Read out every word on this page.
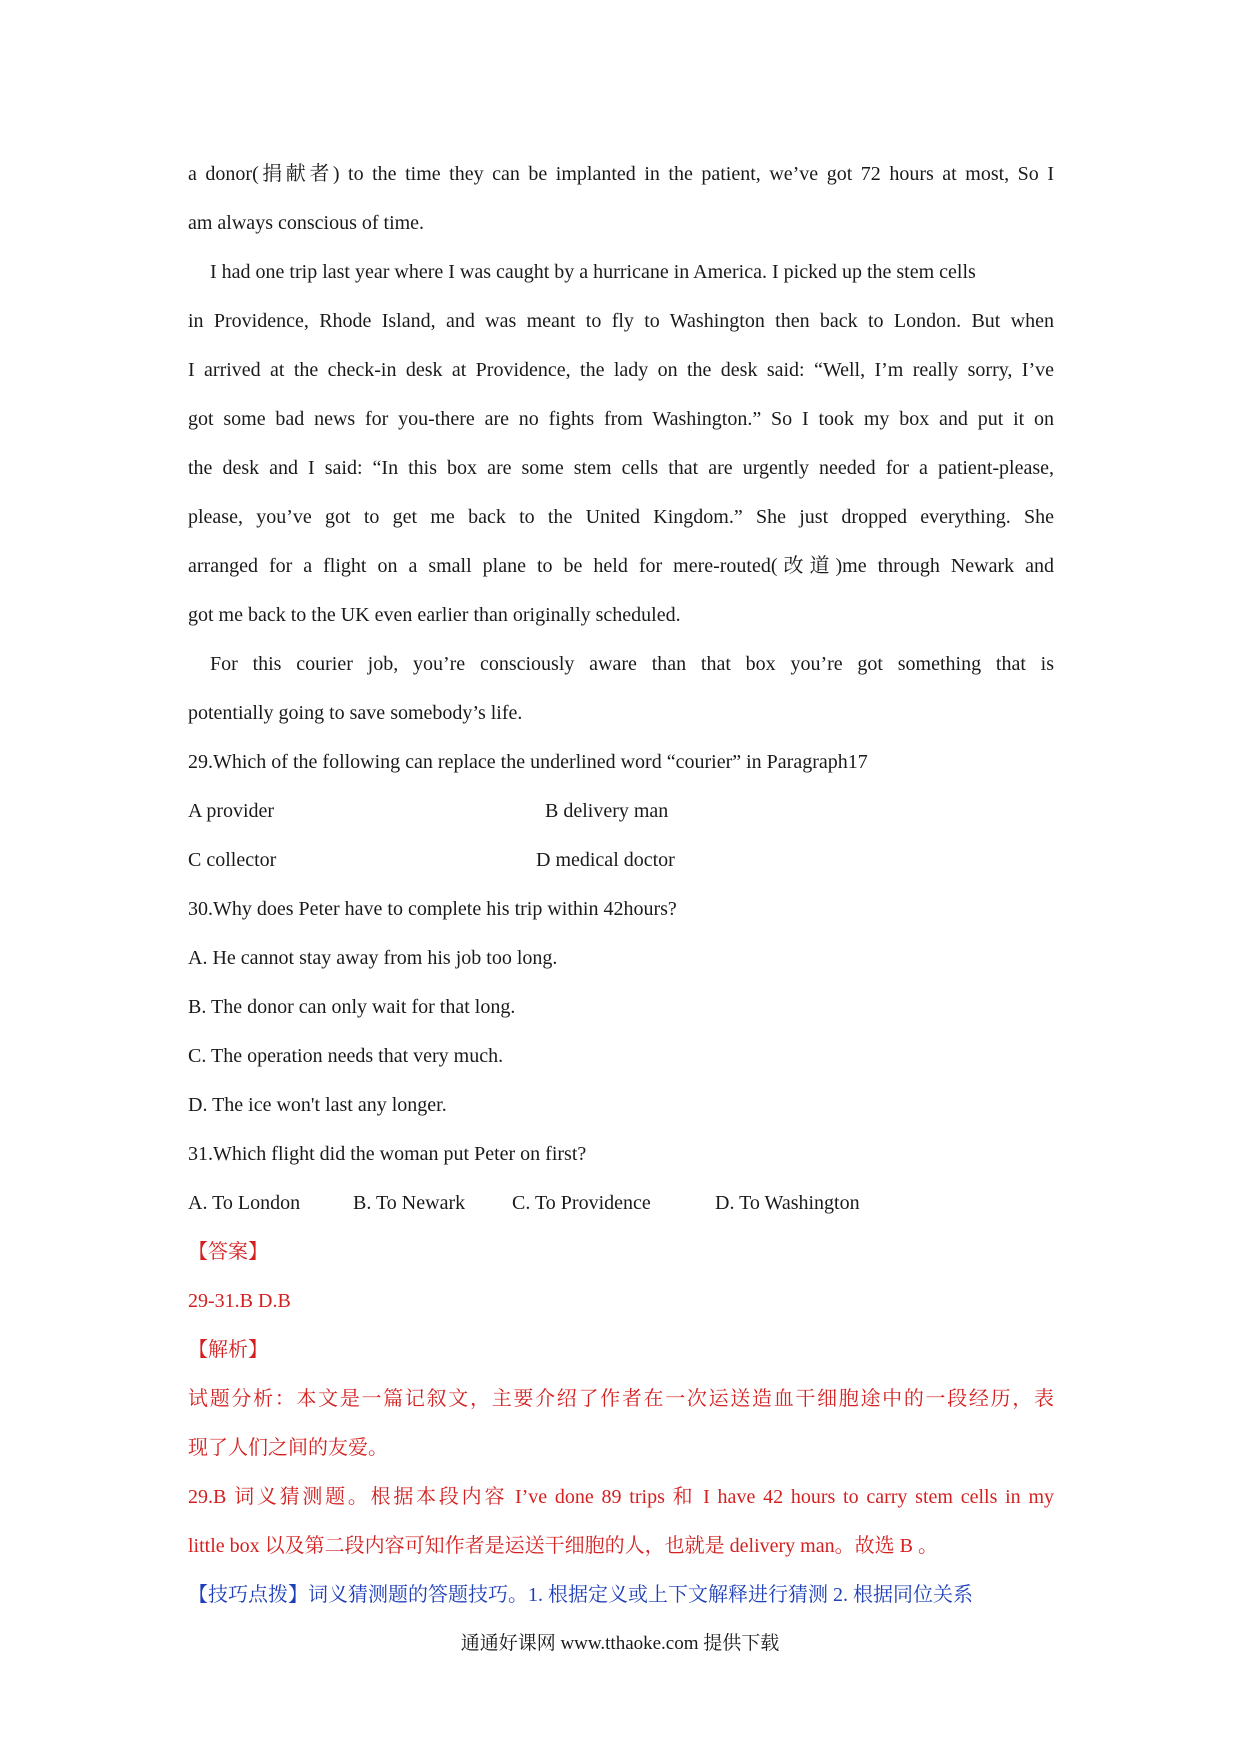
a donor(捐献者) to the time they can be implanted in the patient, we’ve got 72 hours at most, So I
am always conscious of time.
I had one trip last year where I was caught by a hurricane in America. I picked up the stem cells
in Providence, Rhode Island, and was meant to fly to Washington then back to London. But when
I arrived at the check-in desk at Providence, the lady on the desk said: “Well, I’m really sorry, I’ve
got some bad news for you-there are no fights from Washington.” So I took my box and put it on
the desk and I said: “In this box are some stem cells that are urgently needed for a patient-please,
please, you’ve got to get me back to the United Kingdom.” She just dropped everything. She
arranged for a flight on a small plane to be held for mere-routed(改道)me through Newark and
got me back to the UK even earlier than originally scheduled.
For this courier job, you’re consciously aware than that box you’re got something that is
potentially going to save somebody’s life.
29.Which of the following can replace the underlined word “courier” in Paragraph17
A provider	B delivery man
C collector	D medical doctor
30.Why does Peter have to complete his trip within 42hours?
A. He cannot stay away from his job too long.
B. The donor can only wait for that long.
C. The operation needs that very much.
D. The ice won't last any longer.
31.Which flight did the woman put Peter on first?
A. To London	B. To Newark C. To Providence	D. To Washington
【答案】
29-31.B D.B
【解析】
试题分析：本文是一篇记叙文，主要介绍了作者在一次运送造血干细胞途中的一段经历，表
现了人们之间的友爱。
29.B 词义猜测题。根据本段内容 I’ve done 89 trips 和 I have 42 hours to carry stem cells in my
little box 以及第二段内容可知作者是运送干细胞的人，也就是 delivery man。故选 B 。
【技巧点拨】词义猜测题的答题技巧。1. 根据定义或上下文解释进行猜测 2. 根据同位关系
通通好课网 www.tthaoke.com 提供下载
